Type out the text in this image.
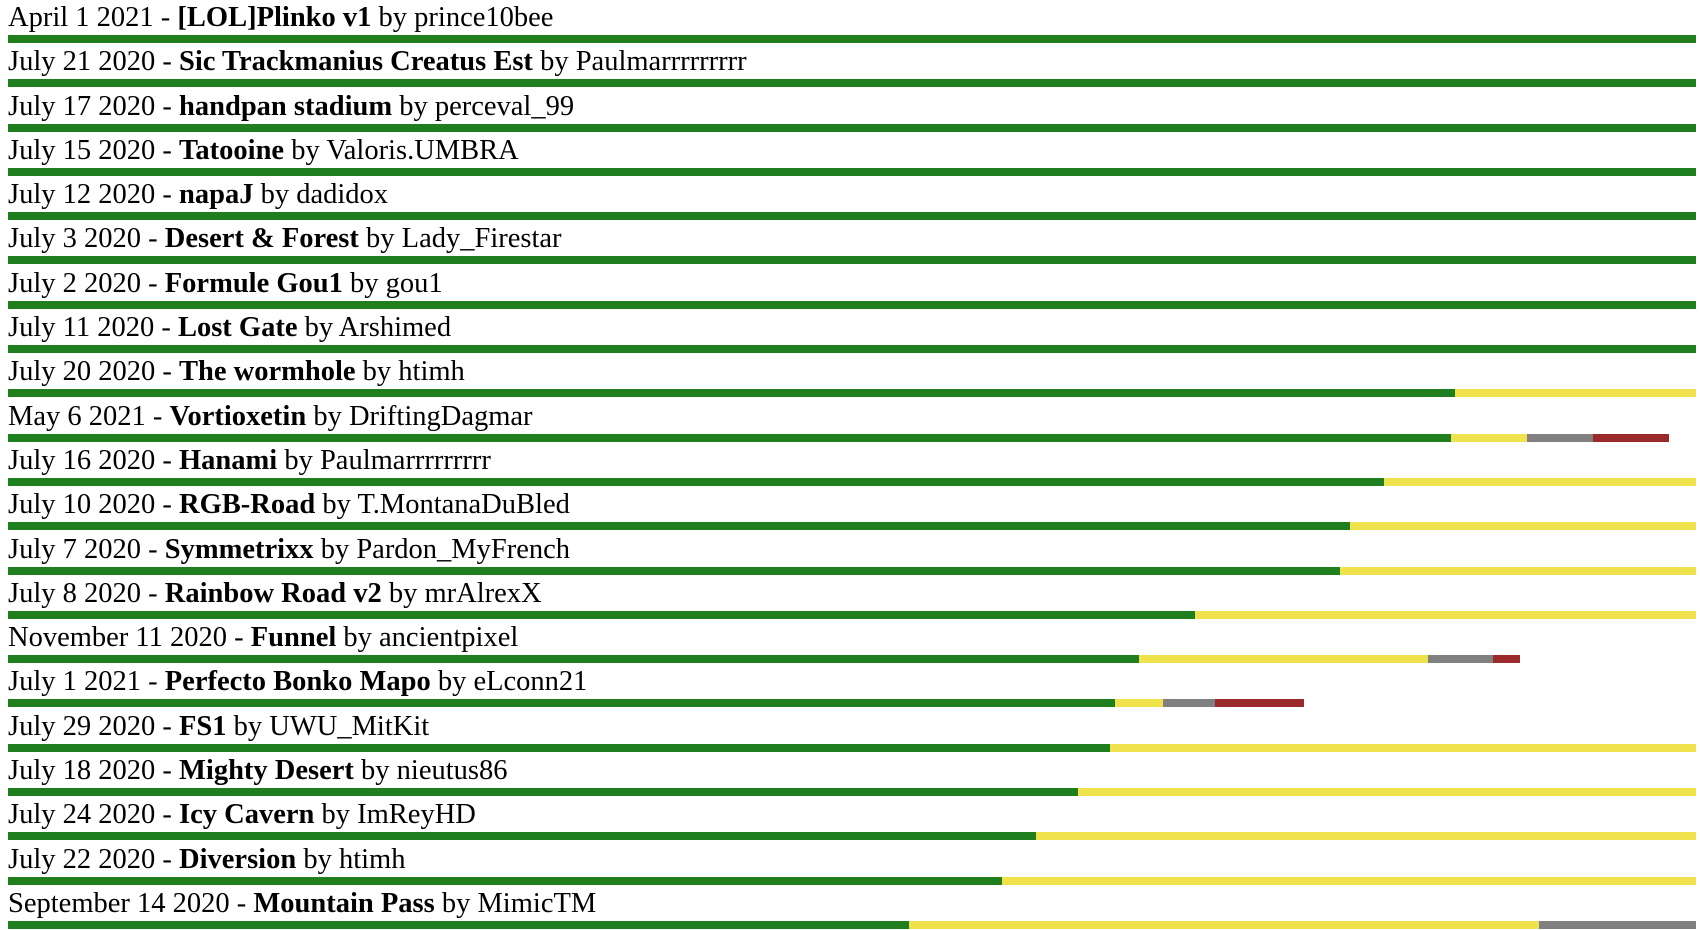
April 1 2021 - [LOL]Plinko v1 by prince10bee
July 21 2020 - Sic Trackmanius Creatus Est by Paulmarrrrrrrrr
July 17 2020 - handpan stadium by perceval_99
July 15 2020 - Tatooine by Valoris.UMBRA
July 12 2020 - napaJ by dadidox
July 3 2020 - Desert & Forest by Lady_Firestar
July 2 2020 - Formule Gou1 by gou1
July 11 2020 - Lost Gate by Arshimed
July 20 2020 - The wormhole by htimh
May 6 2021 - Vortioxetin by DriftingDagmar
July 16 2020 - Hanami by Paulmarrrrrrrrr
July 10 2020 - RGB-Road by T.MontanaDuBled
July 7 2020 - Symmetrixx by Pardon_MyFrench
July 8 2020 - Rainbow Road v2 by mrAlrexX
November 11 2020 - Funnel by ancientpixel
July 1 2021 - Perfecto Bonko Mapo by eLconn21
July 29 2020 - FS1 by UWU_MitKit
July 18 2020 - Mighty Desert by nieutus86
July 24 2020 - Icy Cavern by ImReyHD
July 22 2020 - Diversion by htimh
September 14 2020 - Mountain Pass by MimicTM
